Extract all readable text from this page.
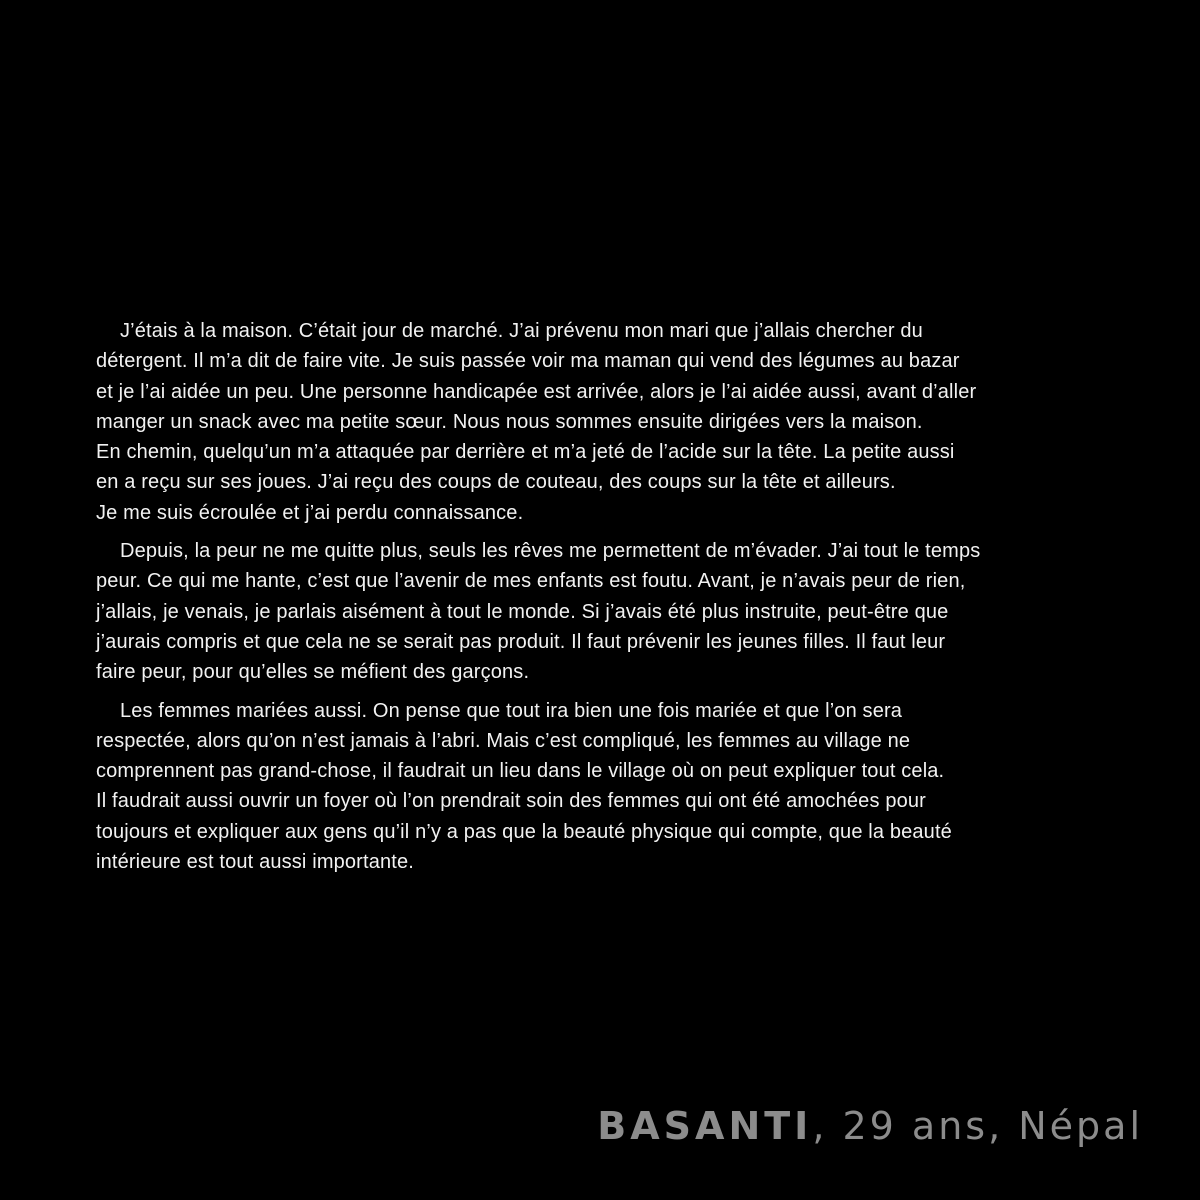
J’étais à la maison. C’était jour de marché. J’ai prévenu mon mari que j’allais chercher du
détergent. Il m’a dit de faire vite. Je suis passée voir ma maman qui vend des légumes au bazar
et je l’ai aidée un peu. Une personne handicapée est arrivée, alors je l’ai aidée aussi, avant d’aller
manger un snack avec ma petite sœur. Nous nous sommes ensuite dirigées vers la maison.
En chemin, quelqu’un m’a attaquée par derrière et m’a jeté de l’acide sur la tête. La petite aussi
en a reçu sur ses joues. J’ai reçu des coups de couteau, des coups sur la tête et ailleurs.
Je me suis écroulée et j’ai perdu connaissance.
Depuis, la peur ne me quitte plus, seuls les rêves me permettent de m’évader. J’ai tout le temps
peur. Ce qui me hante, c’est que l’avenir de mes enfants est foutu. Avant, je n’avais peur de rien,
j’allais, je venais, je parlais aisément à tout le monde. Si j’avais été plus instruite, peut-être que
j’aurais compris et que cela ne se serait pas produit. Il faut prévenir les jeunes filles. Il faut leur
faire peur, pour qu’elles se méfient des garçons.
Les femmes mariées aussi. On pense que tout ira bien une fois mariée et que l’on sera
respectée, alors qu’on n’est jamais à l’abri. Mais c’est compliqué, les femmes au village ne
comprennent pas grand-chose, il faudrait un lieu dans le village où on peut expliquer tout cela.
Il faudrait aussi ouvrir un foyer où l’on prendrait soin des femmes qui ont été amochées pour
toujours et expliquer aux gens qu’il n’y a pas que la beauté physique qui compte, que la beauté
intérieure est tout aussi importante.
BASANTI, 29 ans, Népal
